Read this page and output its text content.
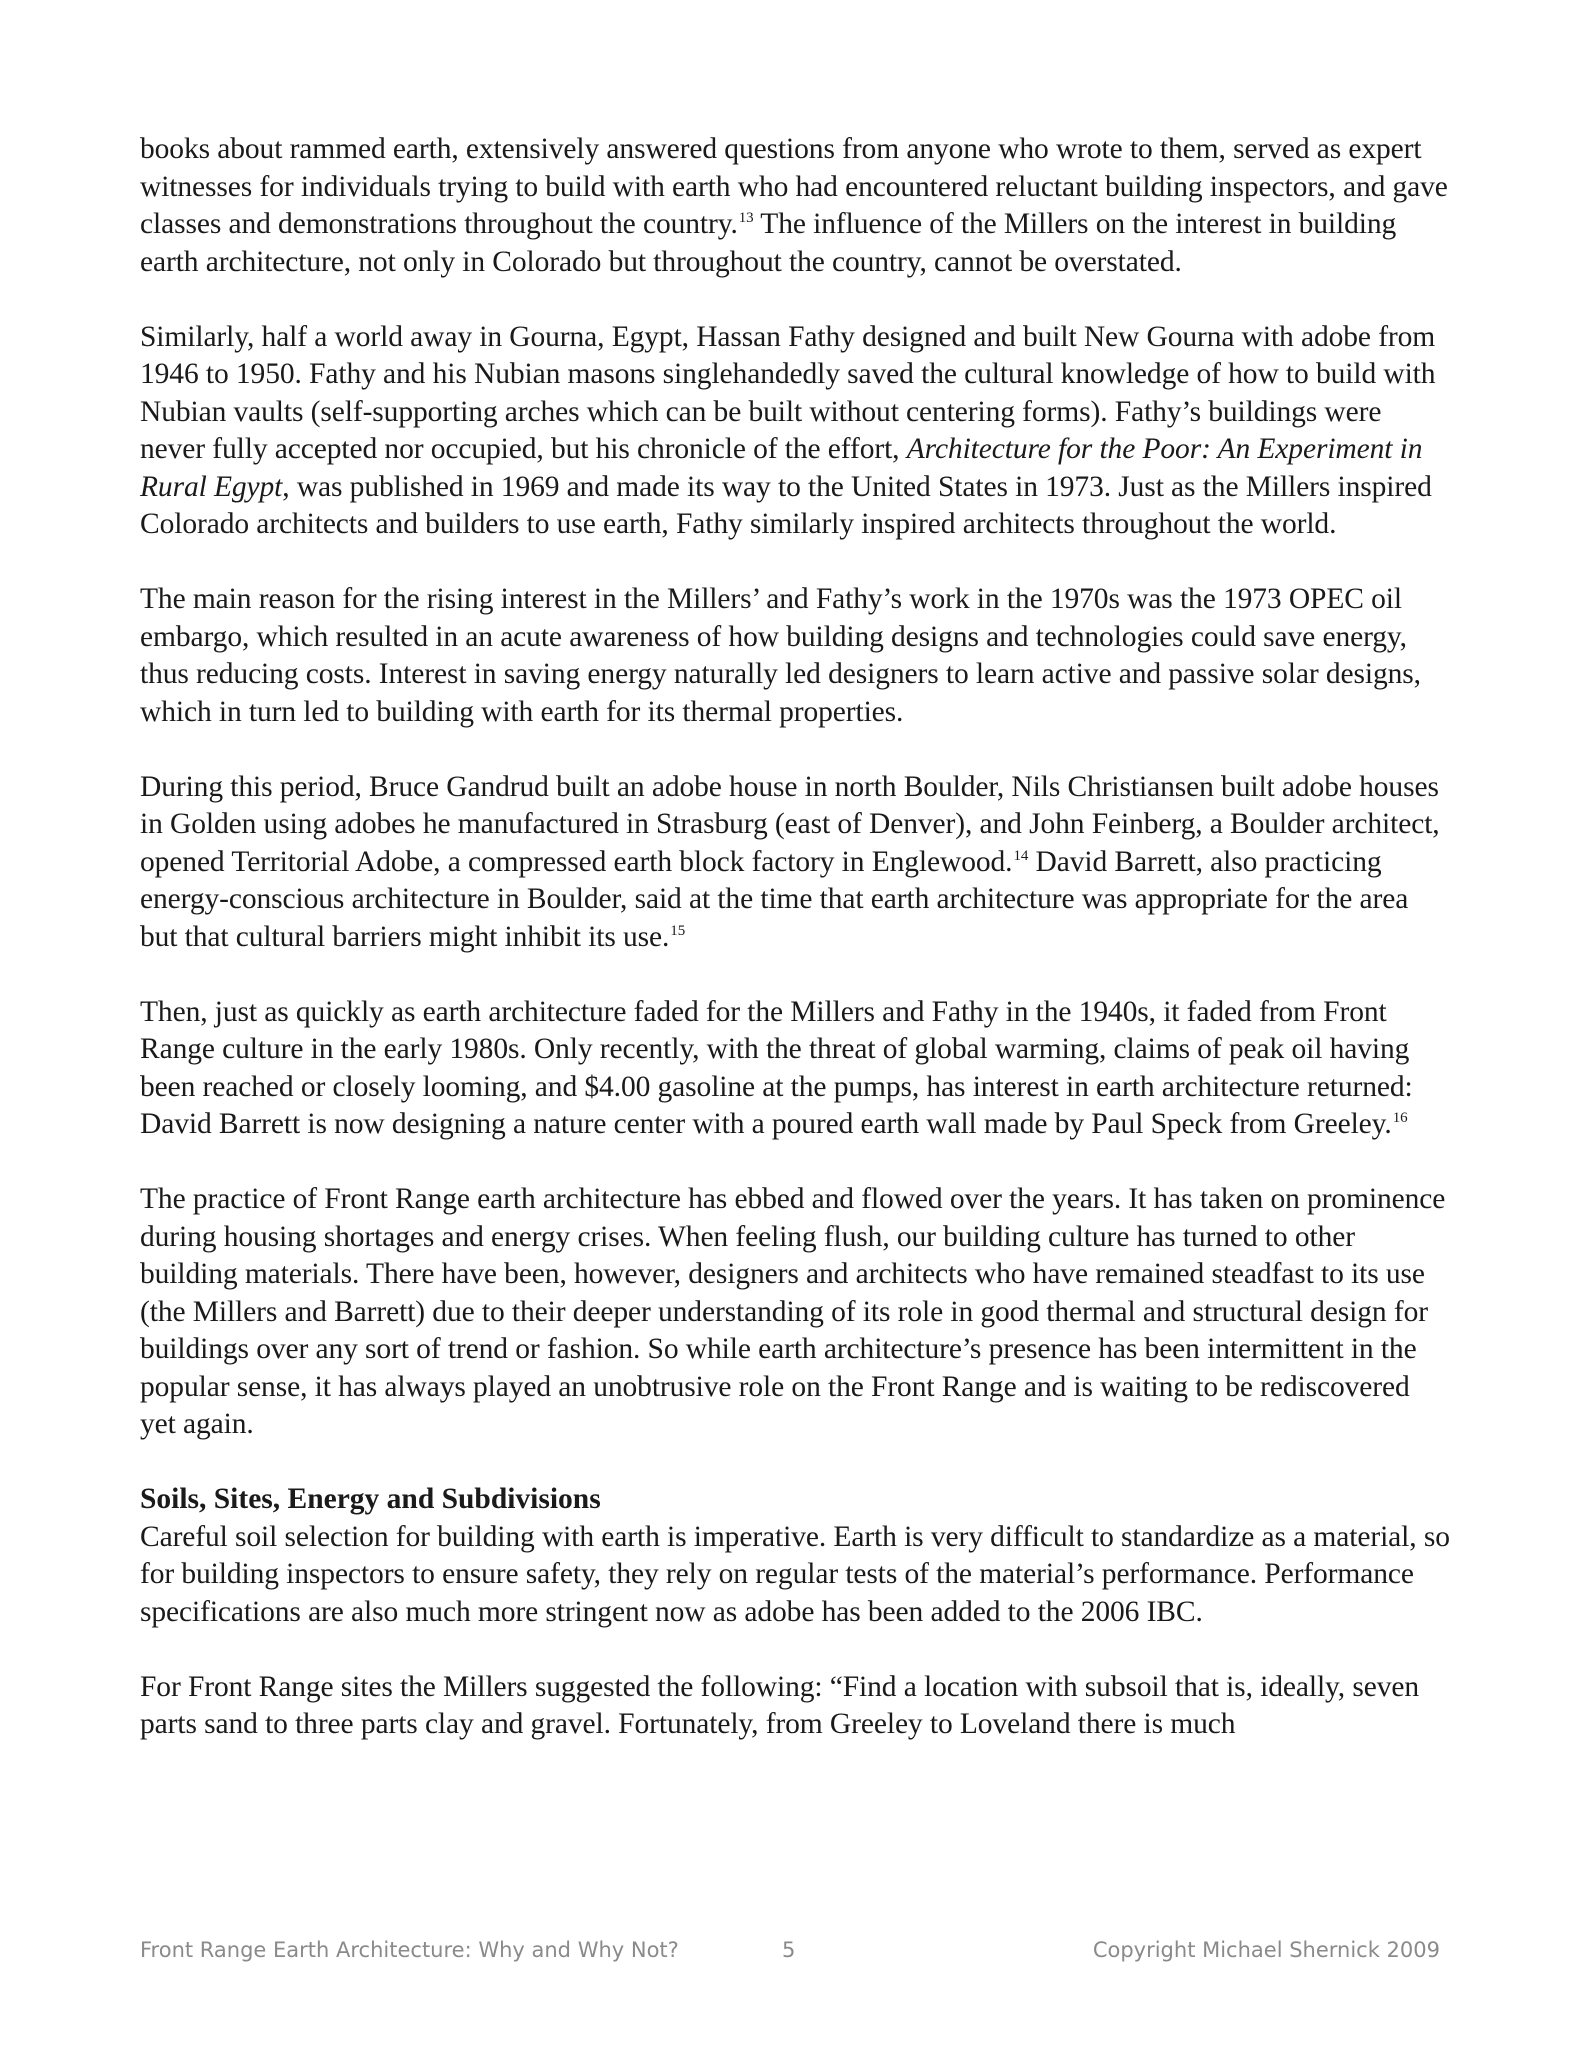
books about rammed earth, extensively answered questions from anyone who wrote to them, served as expert witnesses for individuals trying to build with earth who had encountered reluctant building inspectors, and gave classes and demonstrations throughout the country.$^{13}$ The influence of the Millers on the interest in building earth architecture, not only in Colorado but throughout the country, cannot be overstated.

Similarly, half a world away in Gourna, Egypt, Hassan Fathy designed and built New Gourna with adobe from 1946 to 1950. Fathy and his Nubian masons singlehandedly saved the cultural knowledge of how to build with Nubian vaults (self-supporting arches which can be built without centering forms). Fathy’s buildings were never fully accepted nor occupied, but his chronicle of the effort, Architecture for the Poor: An Experiment in Rural Egypt, was published in 1969 and made its way to the United States in 1973. Just as the Millers inspired Colorado architects and builders to use earth, Fathy similarly inspired architects throughout the world.

The main reason for the rising interest in the Millers’ and Fathy’s work in the 1970s was the 1973 OPEC oil embargo, which resulted in an acute awareness of how building designs and technologies could save energy, thus reducing costs. Interest in saving energy naturally led designers to learn active and passive solar designs, which in turn led to building with earth for its thermal properties.

During this period, Bruce Gandrud built an adobe house in north Boulder, Nils Christiansen built adobe houses in Golden using adobes he manufactured in Strasburg (east of Denver), and John Feinberg, a Boulder architect, opened Territorial Adobe, a compressed earth block factory in Englewood.$^{14}$ David Barrett, also practicing energy-conscious architecture in Boulder, said at the time that earth architecture was appropriate for the area but that cultural barriers might inhibit its use.$^{15}$

Then, just as quickly as earth architecture faded for the Millers and Fathy in the 1940s, it faded from Front Range culture in the early 1980s. Only recently, with the threat of global warming, claims of peak oil having been reached or closely looming, and $4.00 gasoline at the pumps, has interest in earth architecture returned: David Barrett is now designing a nature center with a poured earth wall made by Paul Speck from Greeley.$^{16}$

The practice of Front Range earth architecture has ebbed and flowed over the years. It has taken on prominence during housing shortages and energy crises. When feeling flush, our building culture has turned to other building materials. There have been, however, designers and architects who have remained steadfast to its use (the Millers and Barrett) due to their deeper understanding of its role in good thermal and structural design for buildings over any sort of trend or fashion. So while earth architecture’s presence has been intermittent in the popular sense, it has always played an unobtrusive role on the Front Range and is waiting to be rediscovered yet again.

Soils, Sites, Energy and Subdivisions

Careful soil selection for building with earth is imperative. Earth is very difficult to standardize as a material, so for building inspectors to ensure safety, they rely on regular tests of the material’s performance. Performance specifications are also much more stringent now as adobe has been added to the 2006 IBC.

For Front Range sites the Millers suggested the following: “Find a location with subsoil that is, ideally, seven parts sand to three parts clay and gravel. Fortunately, from Greeley to Loveland there is much

Front Range Earth Architecture: Why and Why Not?	5	Copyright Michael Shernick 2009
